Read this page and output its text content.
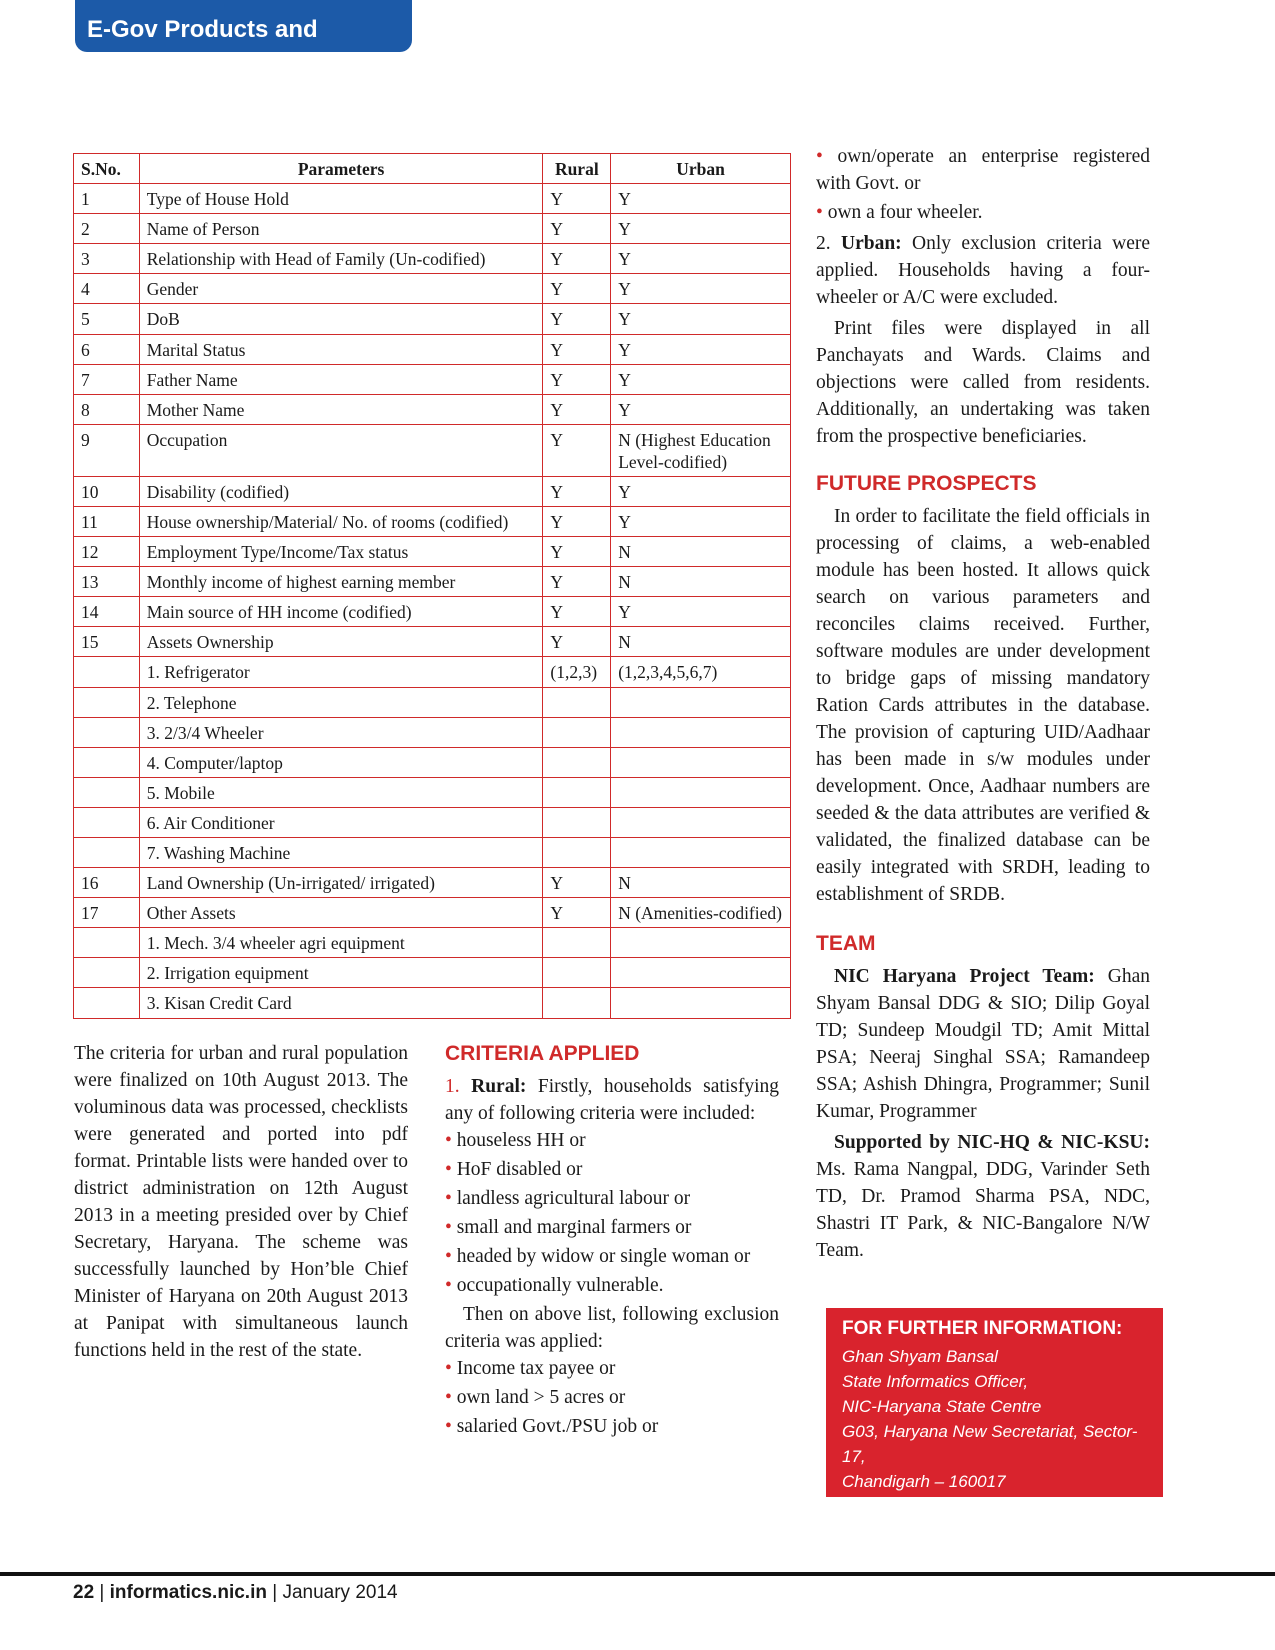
E-Gov Products and Services
S.No.	Parameters	Rural	Urban
1	Type of House Hold	Y	Y
2	Name of Person	Y	Y
3	Relationship with Head of Family (Un-codified)	Y	Y
4	Gender	Y	Y
5	DoB	Y	Y
6	Marital Status	Y	Y
7	Father Name	Y	Y
8	Mother Name	Y	Y
9	Occupation	Y	N (Highest Education Level-codified)
10	Disability (codified)	Y	Y
11	House ownership/Material/ No. of rooms (codified)	Y	Y
12	Employment Type/Income/Tax status	Y	N
13	Monthly income of highest earning member	Y	N
14	Main source of HH income (codified)	Y	Y
15	Assets Ownership	Y	N
	1. Refrigerator	(1,2,3)	(1,2,3,4,5,6,7)
	2. Telephone		
	3. 2/3/4 Wheeler		
	4. Computer/laptop		
	5. Mobile		
	6. Air Conditioner		
	7. Washing Machine		
16	Land Ownership (Un-irrigated/ irrigated)	Y	N
17	Other Assets	Y	N (Amenities-codified)
	1. Mech. 3/4 wheeler agri equipment		
	2. Irrigation equipment		
	3. Kisan Credit Card		

The criteria for urban and rural population were finalized on 10th August 2013. The voluminous data was processed, checklists were generated and ported into pdf format. Printable lists were handed over to district administration on 12th August 2013 in a meeting presided over by Chief Secretary, Haryana. The scheme was successfully launched by Hon’ble Chief Minister of Haryana on 20th August 2013 at Panipat with simultaneous launch functions held in the rest of the state.

CRITERIA APPLIED

1. Rural: Firstly, households satisfying any of following criteria were included:

• houseless HH or

• HoF disabled or

• landless agricultural labour or

• small and marginal farmers or

• headed by widow or single woman or

• occupationally vulnerable.

Then on above list, following exclusion criteria was applied:

• Income tax payee or

• own land > 5 acres or

• salaried Govt./PSU job or

• own/operate an enterprise registered with Govt. or

• own a four wheeler.

2. Urban: Only exclusion criteria were applied. Households having a four-wheeler or A/C were excluded.

Print files were displayed in all Panchayats and Wards. Claims and objections were called from residents. Additionally, an undertaking was taken from the prospective beneficiaries.

FUTURE PROSPECTS

In order to facilitate the field officials in processing of claims, a web-enabled module has been hosted. It allows quick search on various parameters and reconciles claims received. Further, software modules are under development to bridge gaps of missing mandatory Ration Cards attributes in the database. The provision of capturing UID/Aadhaar has been made in s/w modules under development. Once, Aadhaar numbers are seeded & the data attributes are verified & validated, the finalized database can be easily integrated with SRDH, leading to establishment of SRDB.

TEAM

NIC Haryana Project Team: Ghan Shyam Bansal DDG & SIO; Dilip Goyal TD; Sundeep Moudgil TD; Amit Mittal PSA; Neeraj Singhal SSA; Ramandeep SSA; Ashish Dhingra, Programmer; Sunil Kumar, Programmer

Supported by NIC-HQ & NIC-KSU: Ms. Rama Nangpal, DDG, Varinder Seth TD, Dr. Pramod Sharma PSA, NDC, Shastri IT Park, & NIC-Bangalore N/W Team.

FOR FURTHER INFORMATION:
Ghan Shyam Bansal
State Informatics Officer,
NIC-Haryana State Centre
G03, Haryana New Secretariat, Sector-17,
Chandigarh – 160017
E-mail: sio-hry@nic.in
22 | informatics.nic.in | January 2014
